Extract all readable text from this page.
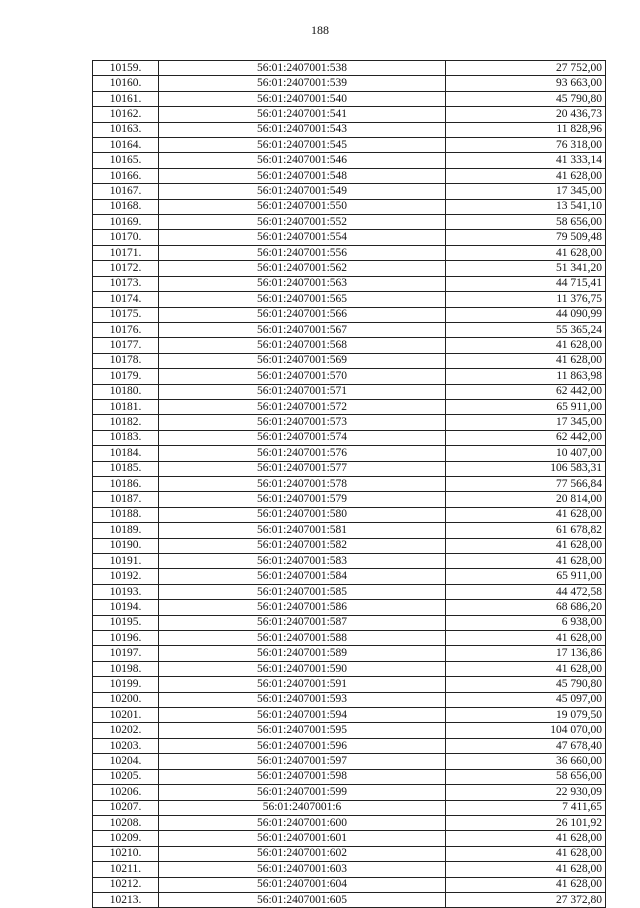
188
10159.	56:01:2407001:538	27 752,00
10160.	56:01:2407001:539	93 663,00
10161.	56:01:2407001:540	45 790,80
10162.	56:01:2407001:541	20 436,73
10163.	56:01:2407001:543	11 828,96
10164.	56:01:2407001:545	76 318,00
10165.	56:01:2407001:546	41 333,14
10166.	56:01:2407001:548	41 628,00
10167.	56:01:2407001:549	17 345,00
10168.	56:01:2407001:550	13 541,10
10169.	56:01:2407001:552	58 656,00
10170.	56:01:2407001:554	79 509,48
10171.	56:01:2407001:556	41 628,00
10172.	56:01:2407001:562	51 341,20
10173.	56:01:2407001:563	44 715,41
10174.	56:01:2407001:565	11 376,75
10175.	56:01:2407001:566	44 090,99
10176.	56:01:2407001:567	55 365,24
10177.	56:01:2407001:568	41 628,00
10178.	56:01:2407001:569	41 628,00
10179.	56:01:2407001:570	11 863,98
10180.	56:01:2407001:571	62 442,00
10181.	56:01:2407001:572	65 911,00
10182.	56:01:2407001:573	17 345,00
10183.	56:01:2407001:574	62 442,00
10184.	56:01:2407001:576	10 407,00
10185.	56:01:2407001:577	106 583,31
10186.	56:01:2407001:578	77 566,84
10187.	56:01:2407001:579	20 814,00
10188.	56:01:2407001:580	41 628,00
10189.	56:01:2407001:581	61 678,82
10190.	56:01:2407001:582	41 628,00
10191.	56:01:2407001:583	41 628,00
10192.	56:01:2407001:584	65 911,00
10193.	56:01:2407001:585	44 472,58
10194.	56:01:2407001:586	68 686,20
10195.	56:01:2407001:587	6 938,00
10196.	56:01:2407001:588	41 628,00
10197.	56:01:2407001:589	17 136,86
10198.	56:01:2407001:590	41 628,00
10199.	56:01:2407001:591	45 790,80
10200.	56:01:2407001:593	45 097,00
10201.	56:01:2407001:594	19 079,50
10202.	56:01:2407001:595	104 070,00
10203.	56:01:2407001:596	47 678,40
10204.	56:01:2407001:597	36 660,00
10205.	56:01:2407001:598	58 656,00
10206.	56:01:2407001:599	22 930,09
10207.	56:01:2407001:6	7 411,65
10208.	56:01:2407001:600	26 101,92
10209.	56:01:2407001:601	41 628,00
10210.	56:01:2407001:602	41 628,00
10211.	56:01:2407001:603	41 628,00
10212.	56:01:2407001:604	41 628,00
10213.	56:01:2407001:605	27 372,80
